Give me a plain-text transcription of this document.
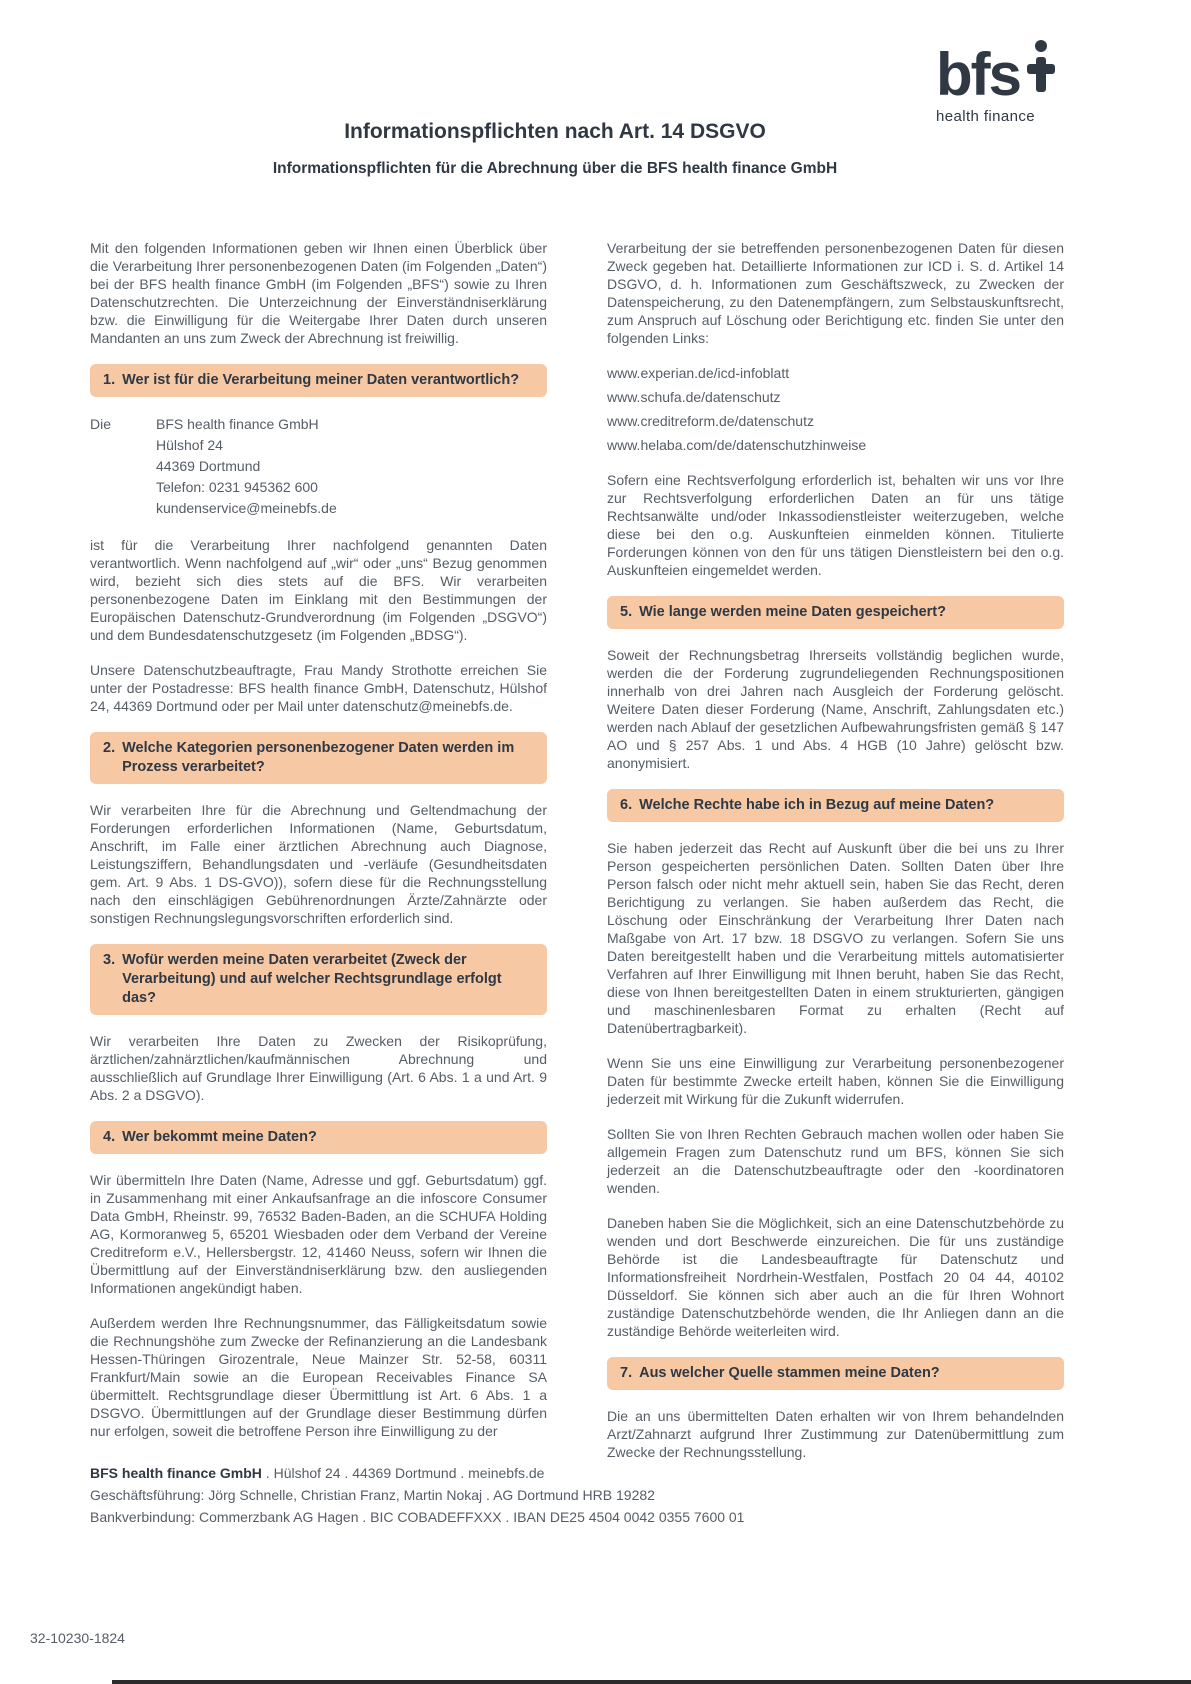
bfs
health finance
Informationspflichten nach Art. 14 DSGVO
Informationspflichten für die Abrechnung über die BFS health finance GmbH

Mit den folgenden Informationen geben wir Ihnen einen Überblick über die Verarbeitung Ihrer personenbezogenen Daten (im Folgenden „Daten“) bei der BFS health finance GmbH (im Folgenden „BFS“) sowie zu Ihren Datenschutzrechten. Die Unterzeichnung der Einverständniserklärung bzw. die Einwilligung für die Weitergabe Ihrer Daten durch unseren Mandanten an uns zum Zweck der Abrechnung ist freiwillig.

1. Wer ist für die Verarbeitung meiner Daten verantwortlich?
Die	BFS health finance GmbH
Hülshof 24
44369 Dortmund
Telefon: 0231 945362 600
kundenservice@meinebfs.de

ist für die Verarbeitung Ihrer nachfolgend genannten Daten verantwortlich. Wenn nachfolgend auf „wir“ oder „uns“ Bezug genommen wird, bezieht sich dies stets auf die BFS. Wir verarbeiten personenbezogene Daten im Einklang mit den Bestimmungen der Europäischen Datenschutz-Grundverordnung (im Folgenden „DSGVO“) und dem Bundesdatenschutzgesetz (im Folgenden „BDSG“).

Unsere Datenschutzbeauftragte, Frau Mandy Strothotte erreichen Sie unter der Postadresse: BFS health finance GmbH, Datenschutz, Hülshof 24, 44369 Dortmund oder per Mail unter datenschutz@meinebfs.de.

2. Welche Kategorien personenbezogener Daten werden im Prozess verarbeitet?

Wir verarbeiten Ihre für die Abrechnung und Geltendmachung der Forderungen erforderlichen Informationen (Name, Geburtsdatum, Anschrift, im Falle einer ärztlichen Abrechnung auch Diagnose, Leistungsziffern, Behandlungsdaten und -verläufe (Gesundheitsdaten gem. Art. 9 Abs. 1 DS-GVO)), sofern diese für die Rechnungsstellung nach den einschlägigen Gebührenordnungen Ärzte/Zahnärzte oder sonstigen Rechnungslegungsvorschriften erforderlich sind.

3. Wofür werden meine Daten verarbeitet (Zweck der Verarbeitung) und auf welcher Rechtsgrundlage erfolgt das?

Wir verarbeiten Ihre Daten zu Zwecken der Risikoprüfung, ärztlichen/zahnärztlichen/kaufmännischen Abrechnung und ausschließlich auf Grundlage Ihrer Einwilligung (Art. 6 Abs. 1 a und Art. 9 Abs. 2 a DSGVO).

4. Wer bekommt meine Daten?

Wir übermitteln Ihre Daten (Name, Adresse und ggf. Geburtsdatum) ggf. in Zusammenhang mit einer Ankaufsanfrage an die infoscore Consumer Data GmbH, Rheinstr. 99, 76532 Baden-Baden, an die SCHUFA Holding AG, Kormoranweg 5, 65201 Wiesbaden oder dem Verband der Vereine Creditreform e.V., Hellersbergstr. 12, 41460 Neuss, sofern wir Ihnen die Übermittlung auf der Einverständniserklärung bzw. den ausliegenden Informationen angekündigt haben.

Außerdem werden Ihre Rechnungsnummer, das Fälligkeitsdatum sowie die Rechnungshöhe zum Zwecke der Refinanzierung an die Landesbank Hessen-Thüringen Girozentrale, Neue Mainzer Str. 52-58, 60311 Frankfurt/Main sowie an die European Receivables Finance SA übermittelt. Rechtsgrundlage dieser Übermittlung ist Art. 6 Abs. 1 a DSGVO. Übermittlungen auf der Grundlage dieser Bestimmung dürfen nur erfolgen, soweit die betroffene Person ihre Einwilligung zu der

Verarbeitung der sie betreffenden personenbezogenen Daten für diesen Zweck gegeben hat. Detaillierte Informationen zur ICD i. S. d. Artikel 14 DSGVO, d. h. Informationen zum Geschäftszweck, zu Zwecken der Datenspeicherung, zu den Datenempfängern, zum Selbstauskunftsrecht, zum Anspruch auf Löschung oder Berichtigung etc. finden Sie unter den folgenden Links:

www.experian.de/icd-infoblatt
www.schufa.de/datenschutz
www.creditreform.de/datenschutz
www.helaba.com/de/datenschutzhinweise

Sofern eine Rechtsverfolgung erforderlich ist, behalten wir uns vor Ihre zur Rechtsverfolgung erforderlichen Daten an für uns tätige Rechtsanwälte und/oder Inkassodienstleister weiterzugeben, welche diese bei den o.g. Auskunfteien einmelden können. Titulierte Forderungen können von den für uns tätigen Dienstleistern bei den o.g. Auskunfteien eingemeldet werden.

5. Wie lange werden meine Daten gespeichert?

Soweit der Rechnungsbetrag Ihrerseits vollständig beglichen wurde, werden die der Forderung zugrundeliegenden Rechnungspositionen innerhalb von drei Jahren nach Ausgleich der Forderung gelöscht. Weitere Daten dieser Forderung (Name, Anschrift, Zahlungsdaten etc.) werden nach Ablauf der gesetzlichen Aufbewahrungsfristen gemäß § 147 AO und § 257 Abs. 1 und Abs. 4 HGB (10 Jahre) gelöscht bzw. anonymisiert.

6. Welche Rechte habe ich in Bezug auf meine Daten?

Sie haben jederzeit das Recht auf Auskunft über die bei uns zu Ihrer Person gespeicherten persönlichen Daten. Sollten Daten über Ihre Person falsch oder nicht mehr aktuell sein, haben Sie das Recht, deren Berichtigung zu verlangen. Sie haben außerdem das Recht, die Löschung oder Einschränkung der Verarbeitung Ihrer Daten nach Maßgabe von Art. 17 bzw. 18 DSGVO zu verlangen. Sofern Sie uns Daten bereitgestellt haben und die Verarbeitung mittels automatisierter Verfahren auf Ihrer Einwilligung mit Ihnen beruht, haben Sie das Recht, diese von Ihnen bereitgestellten Daten in einem strukturierten, gängigen und maschinenlesbaren Format zu erhalten (Recht auf Datenübertragbarkeit).

Wenn Sie uns eine Einwilligung zur Verarbeitung personenbezogener Daten für bestimmte Zwecke erteilt haben, können Sie die Einwilligung jederzeit mit Wirkung für die Zukunft widerrufen.

Sollten Sie von Ihren Rechten Gebrauch machen wollen oder haben Sie allgemein Fragen zum Datenschutz rund um BFS, können Sie sich jederzeit an die Datenschutzbeauftragte oder den -koordinatoren wenden.

Daneben haben Sie die Möglichkeit, sich an eine Datenschutzbehörde zu wenden und dort Beschwerde einzureichen. Die für uns zuständige Behörde ist die Landesbeauftragte für Datenschutz und Informationsfreiheit Nordrhein-Westfalen, Postfach 20 04 44, 40102 Düsseldorf. Sie können sich aber auch an die für Ihren Wohnort zuständige Datenschutzbehörde wenden, die Ihr Anliegen dann an die zuständige Behörde weiterleiten wird.

7. Aus welcher Quelle stammen meine Daten?

Die an uns übermittelten Daten erhalten wir von Ihrem behandelnden Arzt/Zahnarzt aufgrund Ihrer Zustimmung zur Datenübermittlung zum Zwecke der Rechnungsstellung.

BFS health finance GmbH . Hülshof 24 . 44369 Dortmund . meinebfs.de
Geschäftsführung: Jörg Schnelle, Christian Franz, Martin Nokaj . AG Dortmund HRB 19282
Bankverbindung: Commerzbank AG Hagen . BIC COBADEFFXXX . IBAN DE25 4504 0042 0355 7600 01
32-10230-1824
